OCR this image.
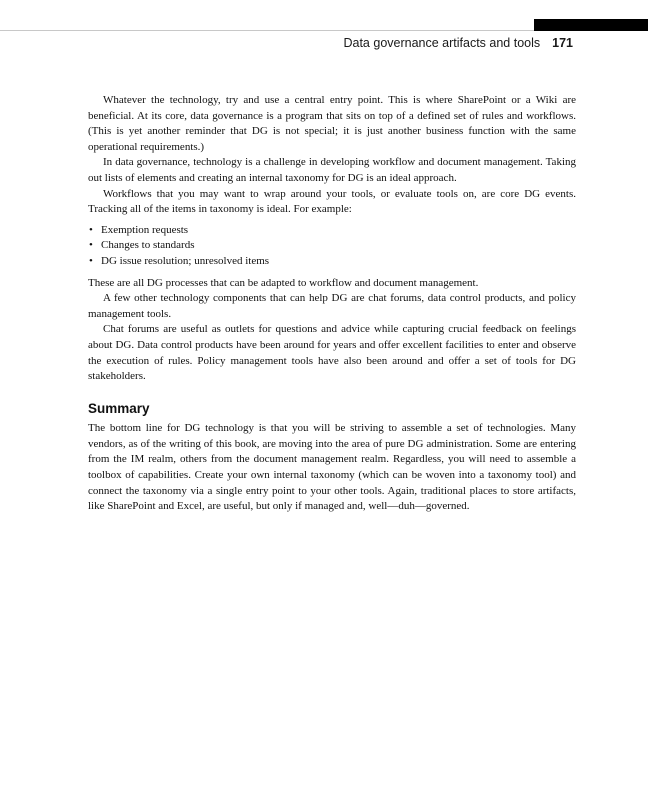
Data governance artifacts and tools 171

Whatever the technology, try and use a central entry point. This is where SharePoint or a Wiki are beneficial. At its core, data governance is a program that sits on top of a defined set of rules and workflows. (This is yet another reminder that DG is not special; it is just another business function with the same operational requirements.)

In data governance, technology is a challenge in developing workflow and document management. Taking out lists of elements and creating an internal taxonomy for DG is an ideal approach.

Workflows that you may want to wrap around your tools, or evaluate tools on, are core DG events. Tracking all of the items in taxonomy is ideal. For example:

• Exemption requests
• Changes to standards
• DG issue resolution; unresolved items

These are all DG processes that can be adapted to workflow and document management.

A few other technology components that can help DG are chat forums, data control products, and policy management tools.

Chat forums are useful as outlets for questions and advice while capturing crucial feedback on feelings about DG. Data control products have been around for years and offer excellent facilities to enter and observe the execution of rules. Policy management tools have also been around and offer a set of tools for DG stakeholders.

Summary

The bottom line for DG technology is that you will be striving to assemble a set of technologies. Many vendors, as of the writing of this book, are moving into the area of pure DG administration. Some are entering from the IM realm, others from the document management realm. Regardless, you will need to assemble a toolbox of capabilities. Create your own internal taxonomy (which can be woven into a taxonomy tool) and connect the taxonomy via a single entry point to your other tools. Again, traditional places to store artifacts, like SharePoint and Excel, are useful, but only if managed and, well—duh—governed.
